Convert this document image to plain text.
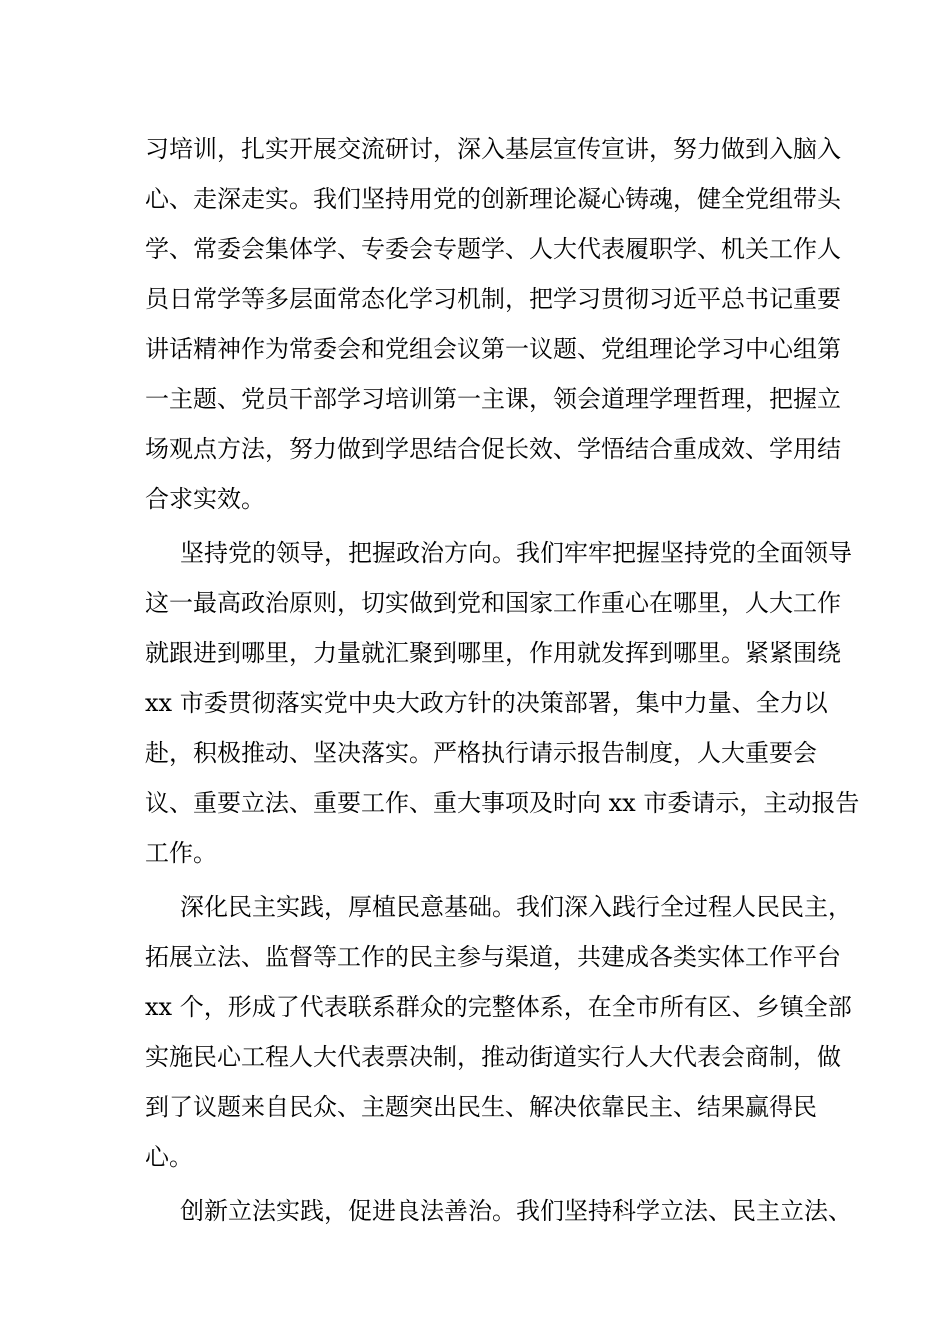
习培训，扎实开展交流研讨，深入基层宣传宣讲，努力做到入脑入
心、走深走实。我们坚持用党的创新理论凝心铸魂，健全党组带头
学、常委会集体学、专委会专题学、人大代表履职学、机关工作人
员日常学等多层面常态化学习机制，把学习贯彻习近平总书记重要
讲话精神作为常委会和党组会议第一议题、党组理论学习中心组第
一主题、党员干部学习培训第一主课，领会道理学理哲理，把握立
场观点方法，努力做到学思结合促长效、学悟结合重成效、学用结
合求实效。
坚持党的领导，把握政治方向。我们牢牢把握坚持党的全面领导
这一最高政治原则，切实做到党和国家工作重心在哪里，人大工作
就跟进到哪里，力量就汇聚到哪里，作用就发挥到哪里。紧紧围绕
xx 市委贯彻落实党中央大政方针的决策部署，集中力量、全力以
赴，积极推动、坚决落实。严格执行请示报告制度，人大重要会
议、重要立法、重要工作、重大事项及时向 xx 市委请示，主动报告
工作。
深化民主实践，厚植民意基础。我们深入践行全过程人民民主，
拓展立法、监督等工作的民主参与渠道，共建成各类实体工作平台
xx 个，形成了代表联系群众的完整体系，在全市所有区、乡镇全部
实施民心工程人大代表票决制，推动街道实行人大代表会商制，做
到了议题来自民众、主题突出民生、解决依靠民主、结果赢得民
心。
创新立法实践，促进良法善治。我们坚持科学立法、民主立法、
